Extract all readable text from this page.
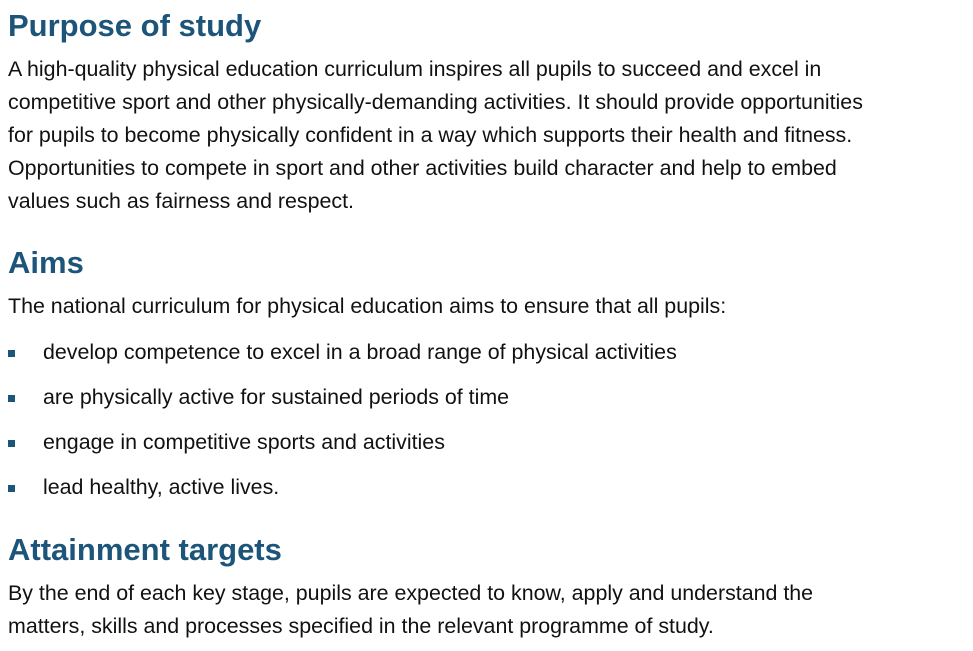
Purpose of study

A high-quality physical education curriculum inspires all pupils to succeed and excel in
competitive sport and other physically-demanding activities. It should provide opportunities
for pupils to become physically confident in a way which supports their health and fitness.
Opportunities to compete in sport and other activities build character and help to embed
values such as fairness and respect.

Aims

The national curriculum for physical education aims to ensure that all pupils:

develop competence to excel in a broad range of physical activities
are physically active for sustained periods of time
engage in competitive sports and activities
lead healthy, active lives.
Attainment targets

By the end of each key stage, pupils are expected to know, apply and understand the
matters, skills and processes specified in the relevant programme of study.
